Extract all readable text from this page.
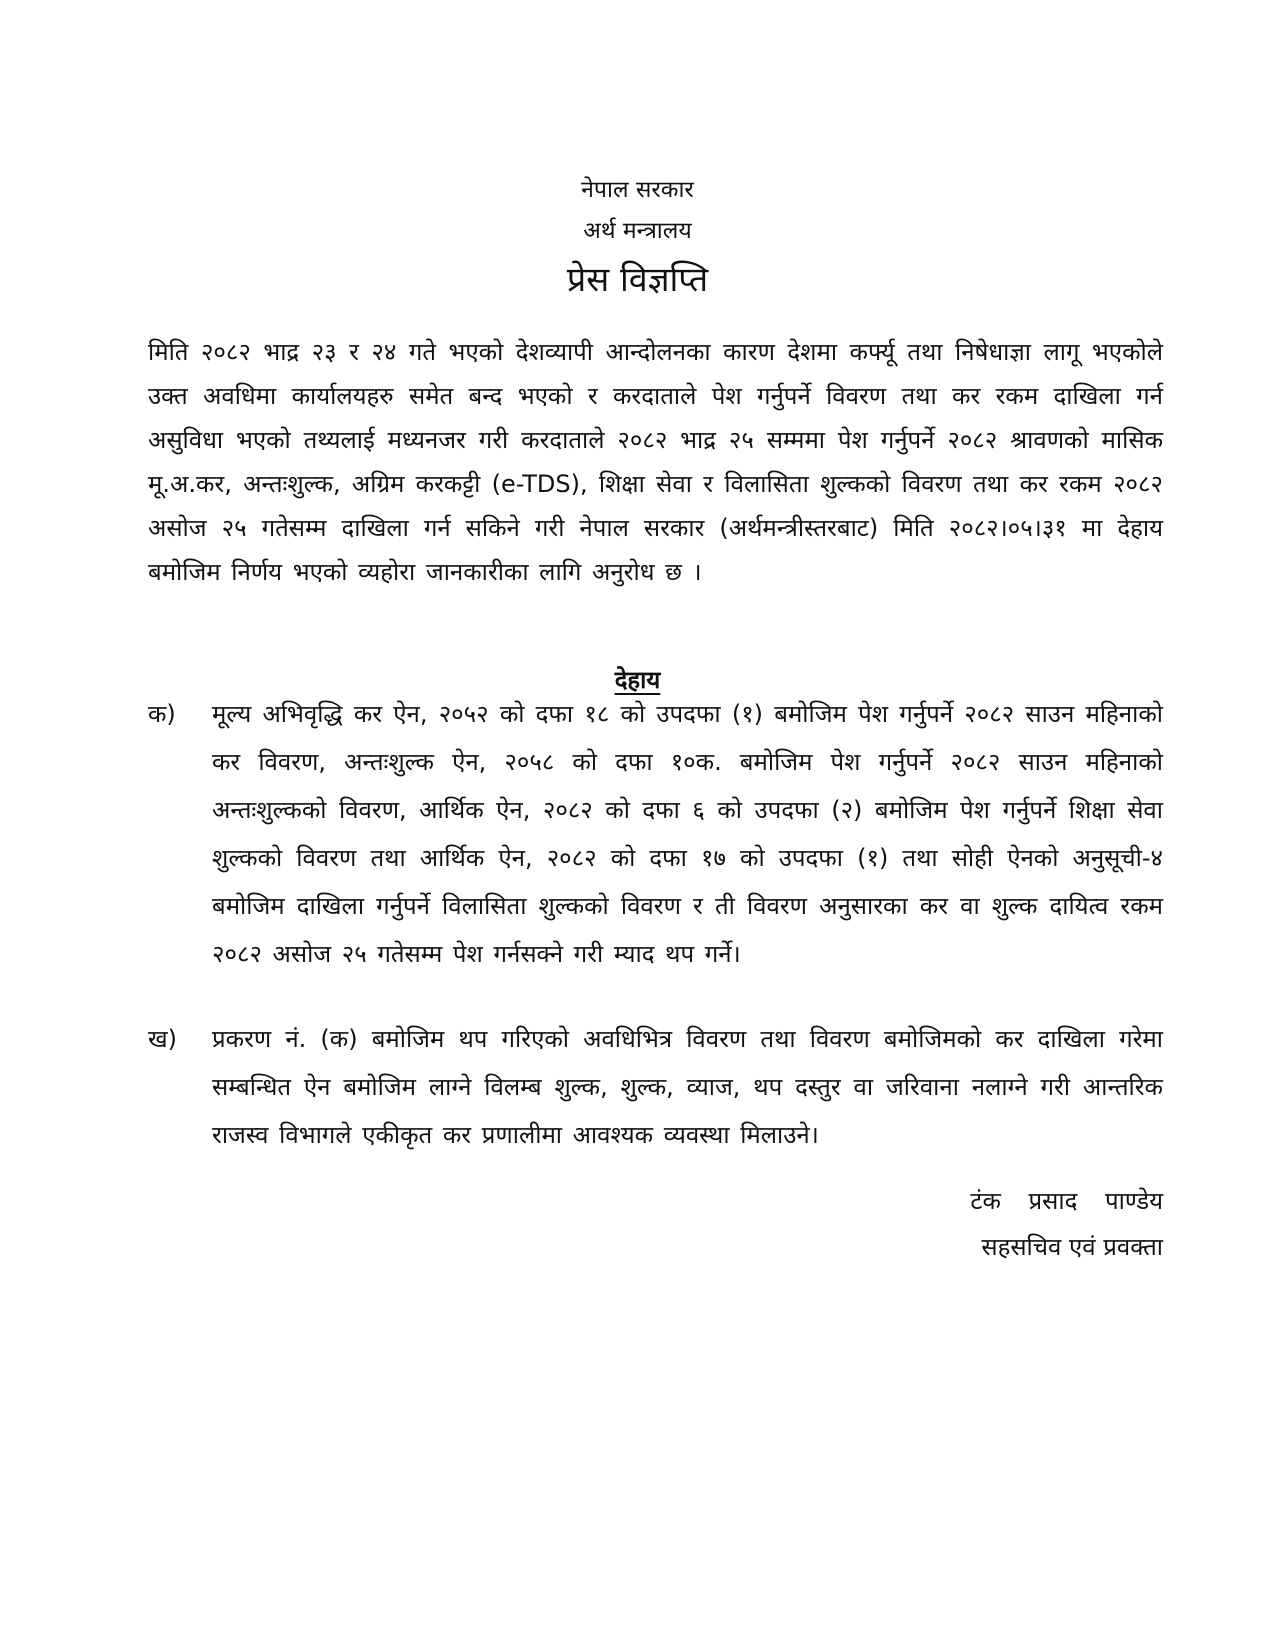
नेपाल सरकार
अर्थ मन्त्रालय
प्रेस विज्ञप्ति

मिति २०८२ भाद्र २३ र २४ गते भएको देशव्यापी आन्दोलनका कारण देशमा कर्फ्यू तथा निषेधाज्ञा लागू भएकोले उक्त अवधिमा कार्यालयहरु समेत बन्द भएको र करदाताले पेश गर्नुपर्ने विवरण तथा कर रकम दाखिला गर्न असुविधा भएको तथ्यलाई मध्यनजर गरी करदाताले २०८२ भाद्र २५ सम्ममा पेश गर्नुपर्ने २०८२ श्रावणको मासिक मू.अ.कर, अन्तःशुल्क, अग्रिम करकट्टी (e-TDS), शिक्षा सेवा र विलासिता शुल्कको विवरण तथा कर रकम २०८२ असोज २५ गतेसम्म दाखिला गर्न सकिने गरी नेपाल सरकार (अर्थमन्त्रीस्तरबाट) मिति २०८२।०५।३१ मा देहाय बमोजिम निर्णय भएको व्यहोरा जानकारीका लागि अनुरोध छ ।

देहाय
क) मूल्य अभिवृद्धि कर ऐन, २०५२ को दफा १८ को उपदफा (१) बमोजिम पेश गर्नुपर्ने २०८२ साउन महिनाको कर विवरण, अन्तःशुल्क ऐन, २०५८ को दफा १०क. बमोजिम पेश गर्नुपर्ने २०८२ साउन महिनाको अन्तःशुल्कको विवरण, आर्थिक ऐन, २०८२ को दफा ६ को उपदफा (२) बमोजिम पेश गर्नुपर्ने शिक्षा सेवा शुल्कको विवरण तथा आर्थिक ऐन, २०८२ को दफा १७ को उपदफा (१) तथा सोही ऐनको अनुसूची-४ बमोजिम दाखिला गर्नुपर्ने विलासिता शुल्कको विवरण र ती विवरण अनुसारका कर वा शुल्क दायित्व रकम २०८२ असोज २५ गतेसम्म पेश गर्नसक्ने गरी म्याद थप गर्ने।

ख) प्रकरण नं. (क) बमोजिम थप गरिएको अवधिभित्र विवरण तथा विवरण बमोजिमको कर दाखिला गरेमा सम्बन्धित ऐन बमोजिम लाग्ने विलम्ब शुल्क, शुल्क, व्याज, थप दस्तुर वा जरिवाना नलाग्ने गरी आन्तरिक राजस्व विभागले एकीकृत कर प्रणालीमा आवश्यक व्यवस्था मिलाउने।

टंक प्रसाद पाण्डेय
सहसचिव एवं प्रवक्ता
